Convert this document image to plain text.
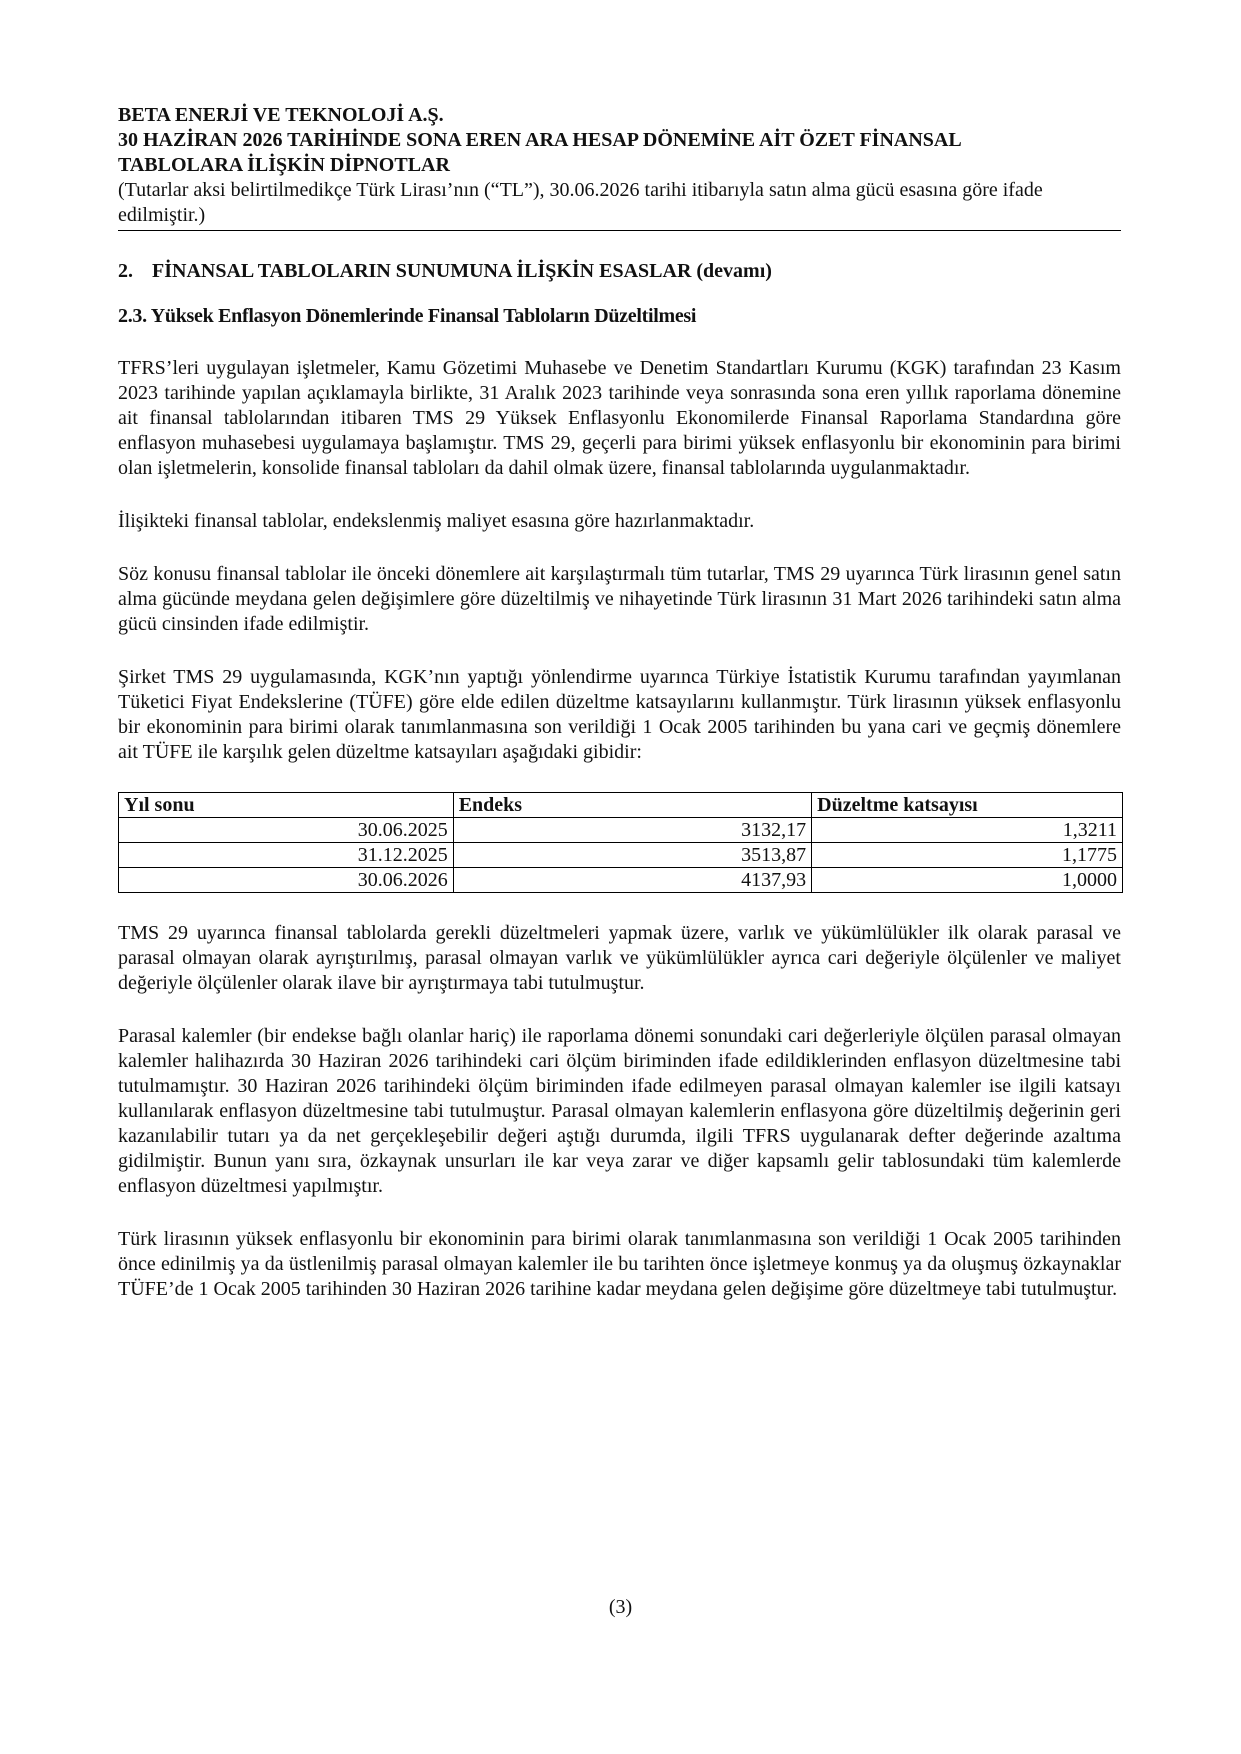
BETA ENERJİ VE TEKNOLOJİ A.Ş.
30 HAZİRAN 2026 TARİHİNDE SONA EREN ARA HESAP DÖNEMİNE AİT ÖZET FİNANSAL
TABLOLARA İLİŞKİN DİPNOTLAR
(Tutarlar aksi belirtilmedikçe Türk Lirası’nın (“TL”), 30.06.2026 tarihi itibarıyla satın alma gücü esasına göre ifade edilmiştir.)
2. FİNANSAL TABLOLARIN SUNUMUNA İLİŞKİN ESASLAR (devamı)
2.3. Yüksek Enflasyon Dönemlerinde Finansal Tabloların Düzeltilmesi

TFRS’leri uygulayan işletmeler, Kamu Gözetimi Muhasebe ve Denetim Standartları Kurumu (KGK) tarafından 23 Kasım 2023 tarihinde yapılan açıklamayla birlikte, 31 Aralık 2023 tarihinde veya sonrasında sona eren yıllık raporlama dönemine ait finansal tablolarından itibaren TMS 29 Yüksek Enflasyonlu Ekonomilerde Finansal Raporlama Standardına göre enflasyon muhasebesi uygulamaya başlamıştır. TMS 29, geçerli para birimi yüksek enflasyonlu bir ekonominin para birimi olan işletmelerin, konsolide finansal tabloları da dahil olmak üzere, finansal tablolarında uygulanmaktadır.

İlişikteki finansal tablolar, endekslenmiş maliyet esasına göre hazırlanmaktadır.

Söz konusu finansal tablolar ile önceki dönemlere ait karşılaştırmalı tüm tutarlar, TMS 29 uyarınca Türk lirasının genel satın alma gücünde meydana gelen değişimlere göre düzeltilmiş ve nihayetinde Türk lirasının 31 Mart 2026 tarihindeki satın alma gücü cinsinden ifade edilmiştir.

Şirket TMS 29 uygulamasında, KGK’nın yaptığı yönlendirme uyarınca Türkiye İstatistik Kurumu tarafından yayımlanan Tüketici Fiyat Endekslerine (TÜFE) göre elde edilen düzeltme katsayılarını kullanmıştır. Türk lirasının yüksek enflasyonlu bir ekonominin para birimi olarak tanımlanmasına son verildiği 1 Ocak 2005 tarihinden bu yana cari ve geçmiş dönemlere ait TÜFE ile karşılık gelen düzeltme katsayıları aşağıdaki gibidir:

Yıl sonu	Endeks	Düzeltme katsayısı
30.06.2025	3132,17	1,3211
31.12.2025	3513,87	1,1775
30.06.2026	4137,93	1,0000

TMS 29 uyarınca finansal tablolarda gerekli düzeltmeleri yapmak üzere, varlık ve yükümlülükler ilk olarak parasal ve parasal olmayan olarak ayrıştırılmış, parasal olmayan varlık ve yükümlülükler ayrıca cari değeriyle ölçülenler ve maliyet değeriyle ölçülenler olarak ilave bir ayrıştırmaya tabi tutulmuştur.

Parasal kalemler (bir endekse bağlı olanlar hariç) ile raporlama dönemi sonundaki cari değerleriyle ölçülen parasal olmayan kalemler halihazırda 30 Haziran 2026 tarihindeki cari ölçüm biriminden ifade edildiklerinden enflasyon düzeltmesine tabi tutulmamıştır. 30 Haziran 2026 tarihindeki ölçüm biriminden ifade edilmeyen parasal olmayan kalemler ise ilgili katsayı kullanılarak enflasyon düzeltmesine tabi tutulmuştur. Parasal olmayan kalemlerin enflasyona göre düzeltilmiş değerinin geri kazanılabilir tutarı ya da net gerçekleşebilir değeri aştığı durumda, ilgili TFRS uygulanarak defter değerinde azaltıma gidilmiştir. Bunun yanı sıra, özkaynak unsurları ile kar veya zarar ve diğer kapsamlı gelir tablosundaki tüm kalemlerde enflasyon düzeltmesi yapılmıştır.

Türk lirasının yüksek enflasyonlu bir ekonominin para birimi olarak tanımlanmasına son verildiği 1 Ocak 2005 tarihinden önce edinilmiş ya da üstlenilmiş parasal olmayan kalemler ile bu tarihten önce işletmeye konmuş ya da oluşmuş özkaynaklar TÜFE’de 1 Ocak 2005 tarihinden 30 Haziran 2026 tarihine kadar meydana gelen değişime göre düzeltmeye tabi tutulmuştur.

(3)
